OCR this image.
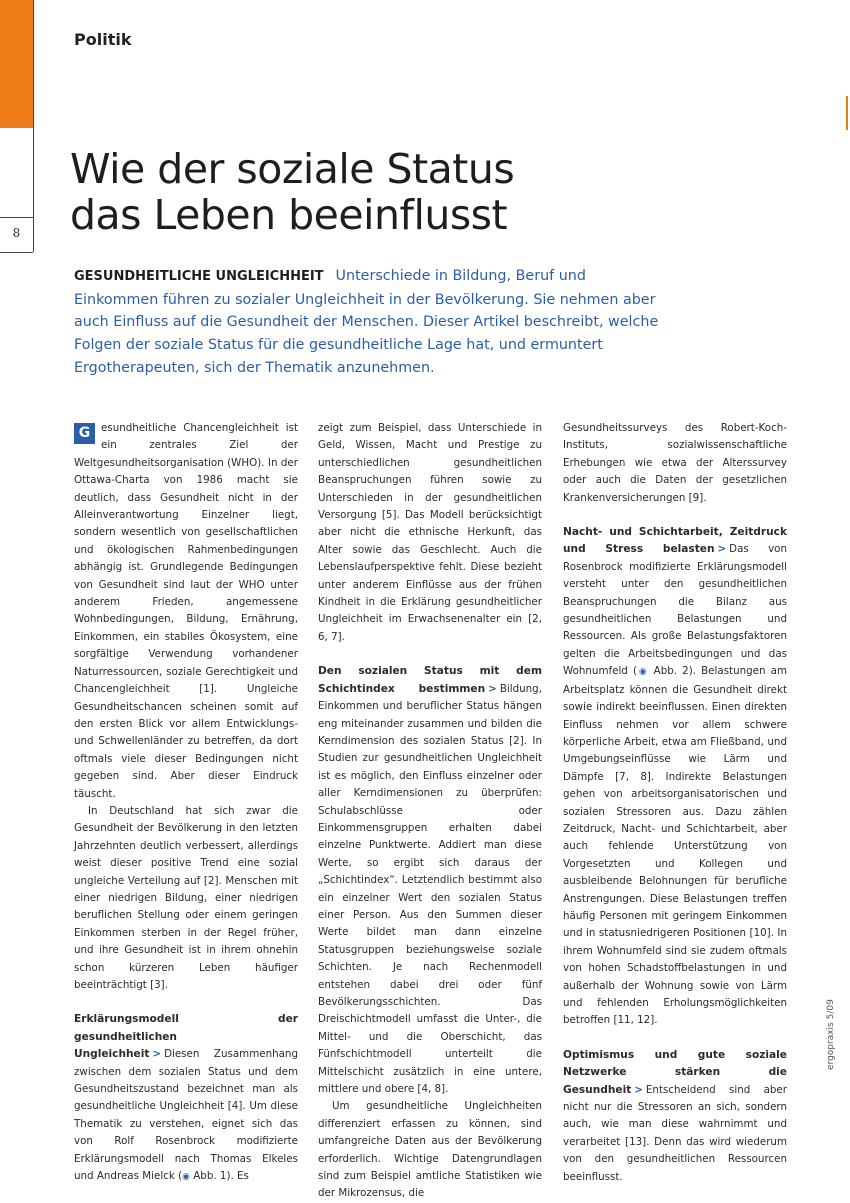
8
Politik
Wie der soziale Status
das Leben beeinflusst

GESUNDHEITLICHE UNGLEICHHEIT Unterschiede in Bildung, Beruf und Einkommen führen zu sozialer Ungleichheit in der Bevölkerung. Sie nehmen aber auch Einfluss auf die Gesundheit der Menschen. Dieser Artikel beschreibt, welche Folgen der soziale Status für die gesundheitliche Lage hat, und ermuntert Ergotherapeuten, sich der Thematik anzunehmen.

G	esundheitliche Chancengleichheit ist ein zentrales Ziel der Weltgesundheitsorganisation (WHO). In der Ottawa-Charta von 1986 macht sie deutlich, dass Gesundheit nicht in der Alleinverantwortung Einzelner liegt, sondern wesentlich von gesellschaftlichen und ökologischen Rahmenbedingungen abhängig ist. Grundlegende Bedingungen von Gesundheit sind laut der WHO unter anderem Frieden, angemessene Wohnbedingungen, Bildung, Ernährung, Einkommen, ein stabiles Ökosystem, eine sorgfältige Verwendung vorhandener Naturressourcen, soziale Gerechtigkeit und Chancengleichheit [1]. Ungleiche Gesundheitschancen scheinen somit auf den ersten Blick vor allem Entwicklungs- und Schwellenländer zu betreffen, da dort oftmals viele dieser Bedingungen nicht gegeben sind. Aber dieser Eindruck täuscht.

In Deutschland hat sich zwar die Gesundheit der Bevölkerung in den letzten Jahrzehnten deutlich verbessert, allerdings weist dieser positive Trend eine sozial ungleiche Verteilung auf [2]. Menschen mit einer niedrigen Bildung, einer niedrigen beruflichen Stellung oder einem geringen Einkommen sterben in der Regel früher, und ihre Gesundheit ist in ihrem ohnehin schon kürzeren Leben häufiger beeinträchtigt [3].

Erklärungsmodell der gesundheitlichen Ungleichheit > Diesen Zusammenhang zwischen dem sozialen Status und dem Gesundheitszustand bezeichnet man als gesundheitliche Ungleichheit [4]. Um diese Thematik zu verstehen, eignet sich das von Rolf Rosenbrock modifizierte Erklärungsmodell nach Thomas Elkeles und Andreas Mielck (◉ Abb. 1). Es

zeigt zum Beispiel, dass Unterschiede in Geld, Wissen, Macht und Prestige zu unterschiedlichen gesundheitlichen Beanspruchungen führen sowie zu Unterschieden in der gesundheitlichen Versorgung [5]. Das Modell berücksichtigt aber nicht die ethnische Herkunft, das Alter sowie das Geschlecht. Auch die Lebenslaufperspektive fehlt. Diese bezieht unter anderem Einflüsse aus der frühen Kindheit in die Erklärung gesundheitlicher Ungleichheit im Erwachsenenalter ein [2, 6, 7].

Den sozialen Status mit dem Schichtindex bestimmen > Bildung, Einkommen und beruflicher Status hängen eng miteinander zusammen und bilden die Kerndimension des sozialen Status [2]. In Studien zur gesundheitlichen Ungleichheit ist es möglich, den Einfluss einzelner oder aller Kerndimensionen zu überprüfen: Schulabschlüsse oder Einkommensgruppen erhalten dabei einzelne Punktwerte. Addiert man diese Werte, so ergibt sich daraus der „Schichtindex“. Letztendlich bestimmt also ein einzelner Wert den sozialen Status einer Person. Aus den Summen dieser Werte bildet man dann einzelne Statusgruppen beziehungsweise soziale Schichten. Je nach Rechenmodell entstehen dabei drei oder fünf Bevölkerungsschichten. Das Dreischichtmodell umfasst die Unter-, die Mittel- und die Oberschicht, das Fünfschichtmodell unterteilt die Mittelschicht zusätzlich in eine untere, mittlere und obere [4, 8].

Um gesundheitliche Ungleichheiten differenziert erfassen zu können, sind umfangreiche Daten aus der Bevölkerung erforderlich. Wichtige Datengrundlagen sind zum Beispiel amtliche Statistiken wie der Mikrozensus, die

Gesundheitssurveys des Robert-Koch-Instituts, sozialwissenschaftliche Erhebungen wie etwa der Alterssurvey oder auch die Daten der gesetzlichen Krankenversicherungen [9].

Nacht- und Schichtarbeit, Zeitdruck und Stress belasten > Das von Rosenbrock modifizierte Erklärungsmodell versteht unter den gesundheitlichen Beanspruchungen die Bilanz aus gesundheitlichen Belastungen und Ressourcen. Als große Belastungsfaktoren gelten die Arbeitsbedingungen und das Wohnumfeld (◉ Abb. 2). Belastungen am Arbeitsplatz können die Gesundheit direkt sowie indirekt beeinflussen. Einen direkten Einfluss nehmen vor allem schwere körperliche Arbeit, etwa am Fließband, und Umgebungseinflüsse wie Lärm und Dämpfe [7, 8]. Indirekte Belastungen gehen von arbeitsorganisatorischen und sozialen Stressoren aus. Dazu zählen Zeitdruck, Nacht- und Schichtarbeit, aber auch fehlende Unterstützung von Vorgesetzten und Kollegen und ausbleibende Belohnungen für berufliche Anstrengungen. Diese Belastungen treffen häufig Personen mit geringem Einkommen und in statusniedrigeren Positionen [10]. In ihrem Wohnumfeld sind sie zudem oftmals von hohen Schadstoffbelastungen in und außerhalb der Wohnung sowie von Lärm und fehlenden Erholungsmöglichkeiten betroffen [11, 12].

Optimismus und gute soziale Netzwerke stärken die Gesundheit > Entscheidend sind aber nicht nur die Stressoren an sich, sondern auch, wie man diese wahrnimmt und verarbeitet [13]. Denn das wird wiederum von den gesundheitlichen Ressourcen beeinflusst.

ergopraxis 5/09
